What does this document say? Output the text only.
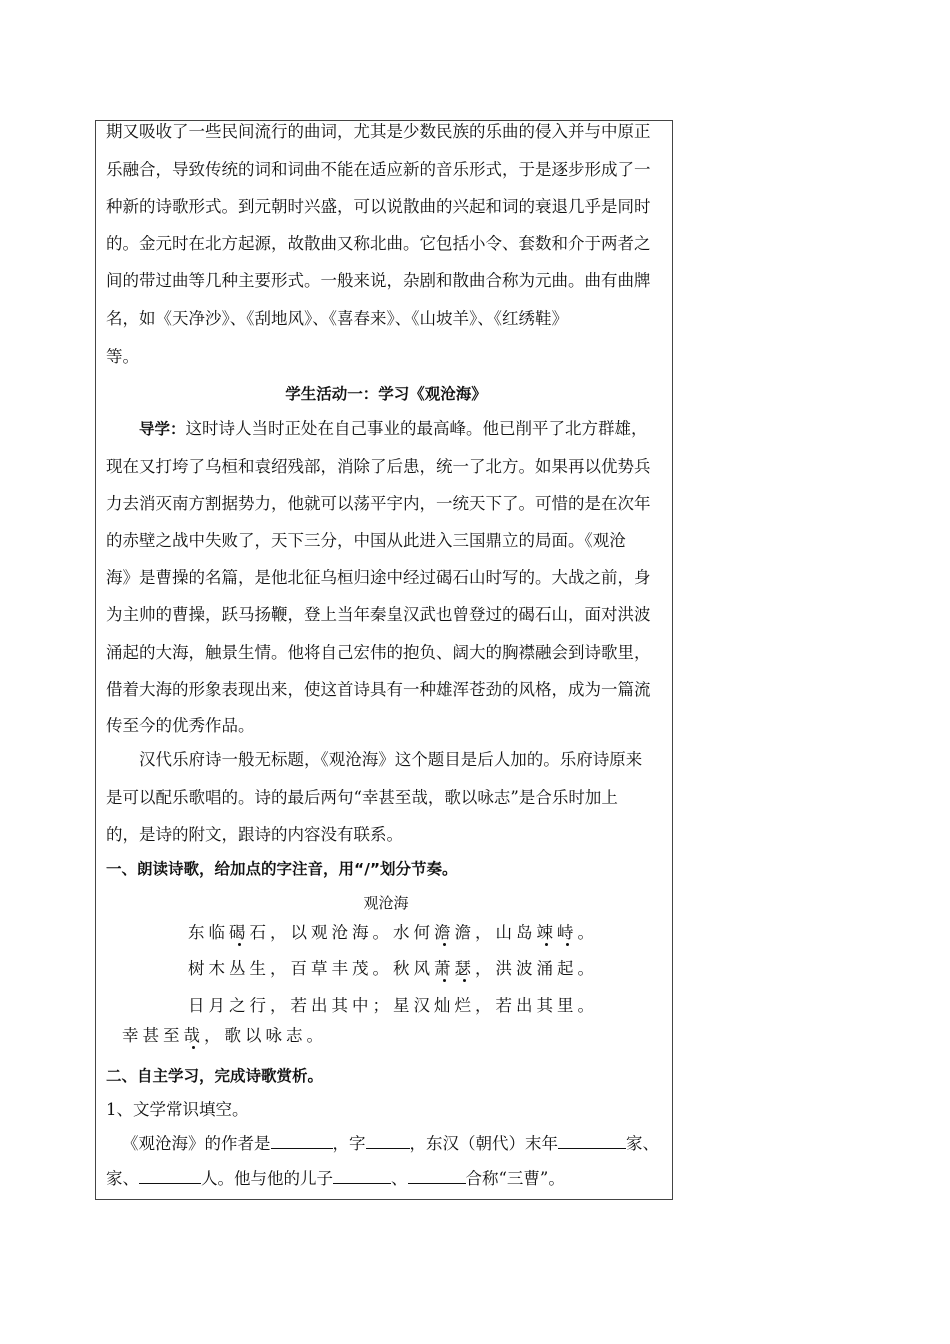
期又吸收了一些民间流行的曲词，尤其是少数民族的乐曲的侵入并与中原正
乐融合，导致传统的词和词曲不能在适应新的音乐形式，于是逐步形成了一
种新的诗歌形式。到元朝时兴盛，可以说散曲的兴起和词的衰退几乎是同时
的。金元时在北方起源，故散曲又称北曲。它包括小令、套数和介于两者之
间的带过曲等几种主要形式。一般来说，杂剧和散曲合称为元曲。曲有曲牌
名，如《天净沙》、《刮地风》、《喜春来》、《山坡羊》、《红绣鞋》
等。
学生活动一：学习《观沧海》
导学：这时诗人当时正处在自己事业的最高峰。他已削平了北方群雄，
现在又打垮了乌桓和袁绍残部，消除了后患，统一了北方。如果再以优势兵
力去消灭南方割据势力，他就可以荡平宇内，一统天下了。可惜的是在次年
的赤壁之战中失败了，天下三分，中国从此进入三国鼎立的局面。《观沧
海》是曹操的名篇，是他北征乌桓归途中经过碣石山时写的。大战之前，身
为主帅的曹操，跃马扬鞭，登上当年秦皇汉武也曾登过的碣石山，面对洪波
涌起的大海，触景生情。他将自己宏伟的抱负、阔大的胸襟融会到诗歌里，
借着大海的形象表现出来，使这首诗具有一种雄浑苍劲的风格，成为一篇流
传至今的优秀作品。
汉代乐府诗一般无标题，《观沧海》这个题目是后人加的。乐府诗原来
是可以配乐歌唱的。诗的最后两句“幸甚至哉，歌以咏志”是合乐时加上
的，是诗的附文，跟诗的内容没有联系。
一、朗读诗歌，给加点的字注音，用“/”划分节奏。
观沧海
东临碣石，以观沧海。水何澹澹，山岛竦峙。
树木丛生，百草丰茂。秋风萧瑟，洪波涌起。
日月之行，若出其中；星汉灿烂，若出其里。
幸甚至哉，歌以咏志。
二、自主学习，完成诗歌赏析。
1、文学常识填空。
《观沧海》的作者是	，字	，东汉（朝代）末年	家、
家、	人。他与他的儿子	、	合称“三曹”。
